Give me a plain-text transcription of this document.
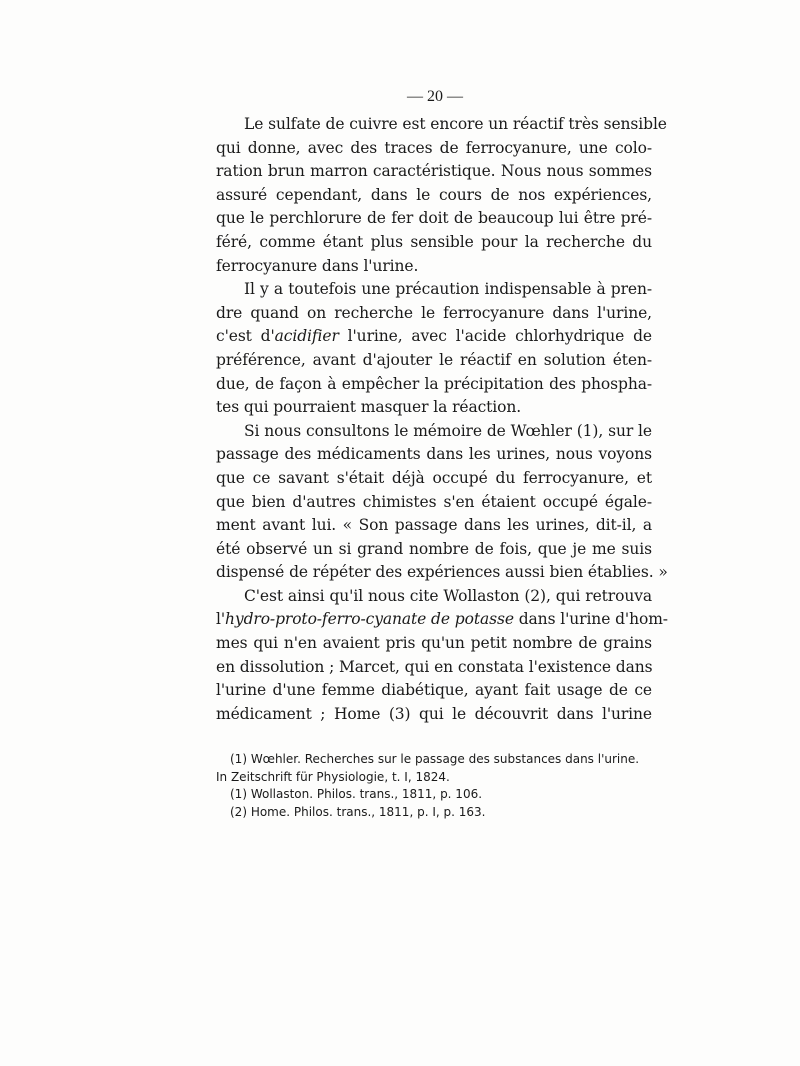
— 20 —
Le sulfate de cuivre est encore un réactif très sensible
qui donne, avec des traces de ferrocyanure, une colo-
ration brun marron caractéristique. Nous nous sommes
assuré cependant, dans le cours de nos expériences,
que le perchlorure de fer doit de beaucoup lui être pré-
féré, comme étant plus sensible pour la recherche du
ferrocyanure dans l'urine.
Il y a toutefois une précaution indispensable à pren-
dre quand on recherche le ferrocyanure dans l'urine,
c'est d'acidifier l'urine, avec l'acide chlorhydrique de
préférence, avant d'ajouter le réactif en solution éten-
due, de façon à empêcher la précipitation des phospha-
tes qui pourraient masquer la réaction.
Si nous consultons le mémoire de Wœhler (1), sur le
passage des médicaments dans les urines, nous voyons
que ce savant s'était déjà occupé du ferrocyanure, et
que bien d'autres chimistes s'en étaient occupé égale-
ment avant lui. « Son passage dans les urines, dit-il, a
été observé un si grand nombre de fois, que je me suis
dispensé de répéter des expériences aussi bien établies. »
C'est ainsi qu'il nous cite Wollaston (2), qui retrouva
l'hydro-proto-ferro-cyanate de potasse dans l'urine d'hom-
mes qui n'en avaient pris qu'un petit nombre de grains
en dissolution ; Marcet, qui en constata l'existence dans
l'urine d'une femme diabétique, ayant fait usage de ce
médicament ; Home (3) qui le découvrit dans l'urine
(1) Wœhler. Recherches sur le passage des substances dans l'urine.
In Zeitschrift für Physiologie, t. I, 1824.
(1) Wollaston. Philos. trans., 1811, p. 106.
(2) Home. Philos. trans., 1811, p. I, p. 163.
